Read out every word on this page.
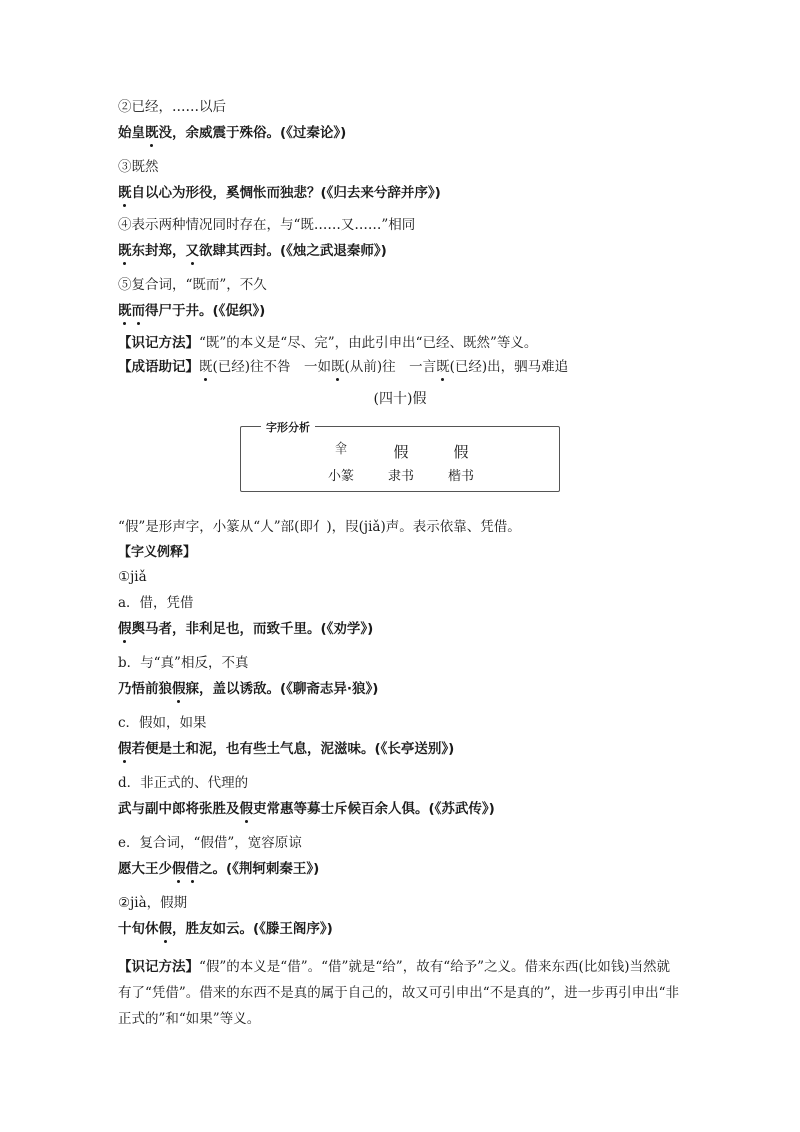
②已经，……以后
始皇既没，余威震于殊俗。(《过秦论》)
③既然
既自以心为形役，奚惆怅而独悲？(《归去来兮辞并序》)
④表示两种情况同时存在，与“既……又……”相同
既东封郑，又欲肆其西封。(《烛之武退秦师》)
⑤复合词，“既而”，不久
既而得尸于井。(《促织》)
【识记方法】“既”的本义是“尽、完”，由此引申出“已经、既然”等义。
【成语助记】既(已经)往不咎　一如既(从前)往　一言既(已经)出，驷马难追
(四十)假
字形分析
𠈾	假	假
小篆	隶书	楷书
“假”是形声字，小篆从“人”部(即亻)，叚(jiǎ)声。表示依靠、凭借。
【字义例释】
①jiǎ
a．借，凭借
假舆马者，非利足也，而致千里。(《劝学》)
b．与“真”相反，不真
乃悟前狼假寐，盖以诱敌。(《聊斋志异·狼》)
c．假如，如果
假若便是土和泥，也有些土气息，泥滋味。(《长亭送别》)
d．非正式的、代理的
武与副中郎将张胜及假吏常惠等募士斥候百余人俱。(《苏武传》)
e．复合词，“假借”，宽容原谅
愿大王少假借之。(《荆轲刺秦王》)
②jià，假期
十旬休假，胜友如云。(《滕王阁序》)
【识记方法】“假”的本义是“借”。“借”就是“给”，故有“给予”之义。借来东西(比如钱)当然就有了“凭借”。借来的东西不是真的属于自己的，故又可引申出“不是真的”，进一步再引申出“非正式的”和“如果”等义。
